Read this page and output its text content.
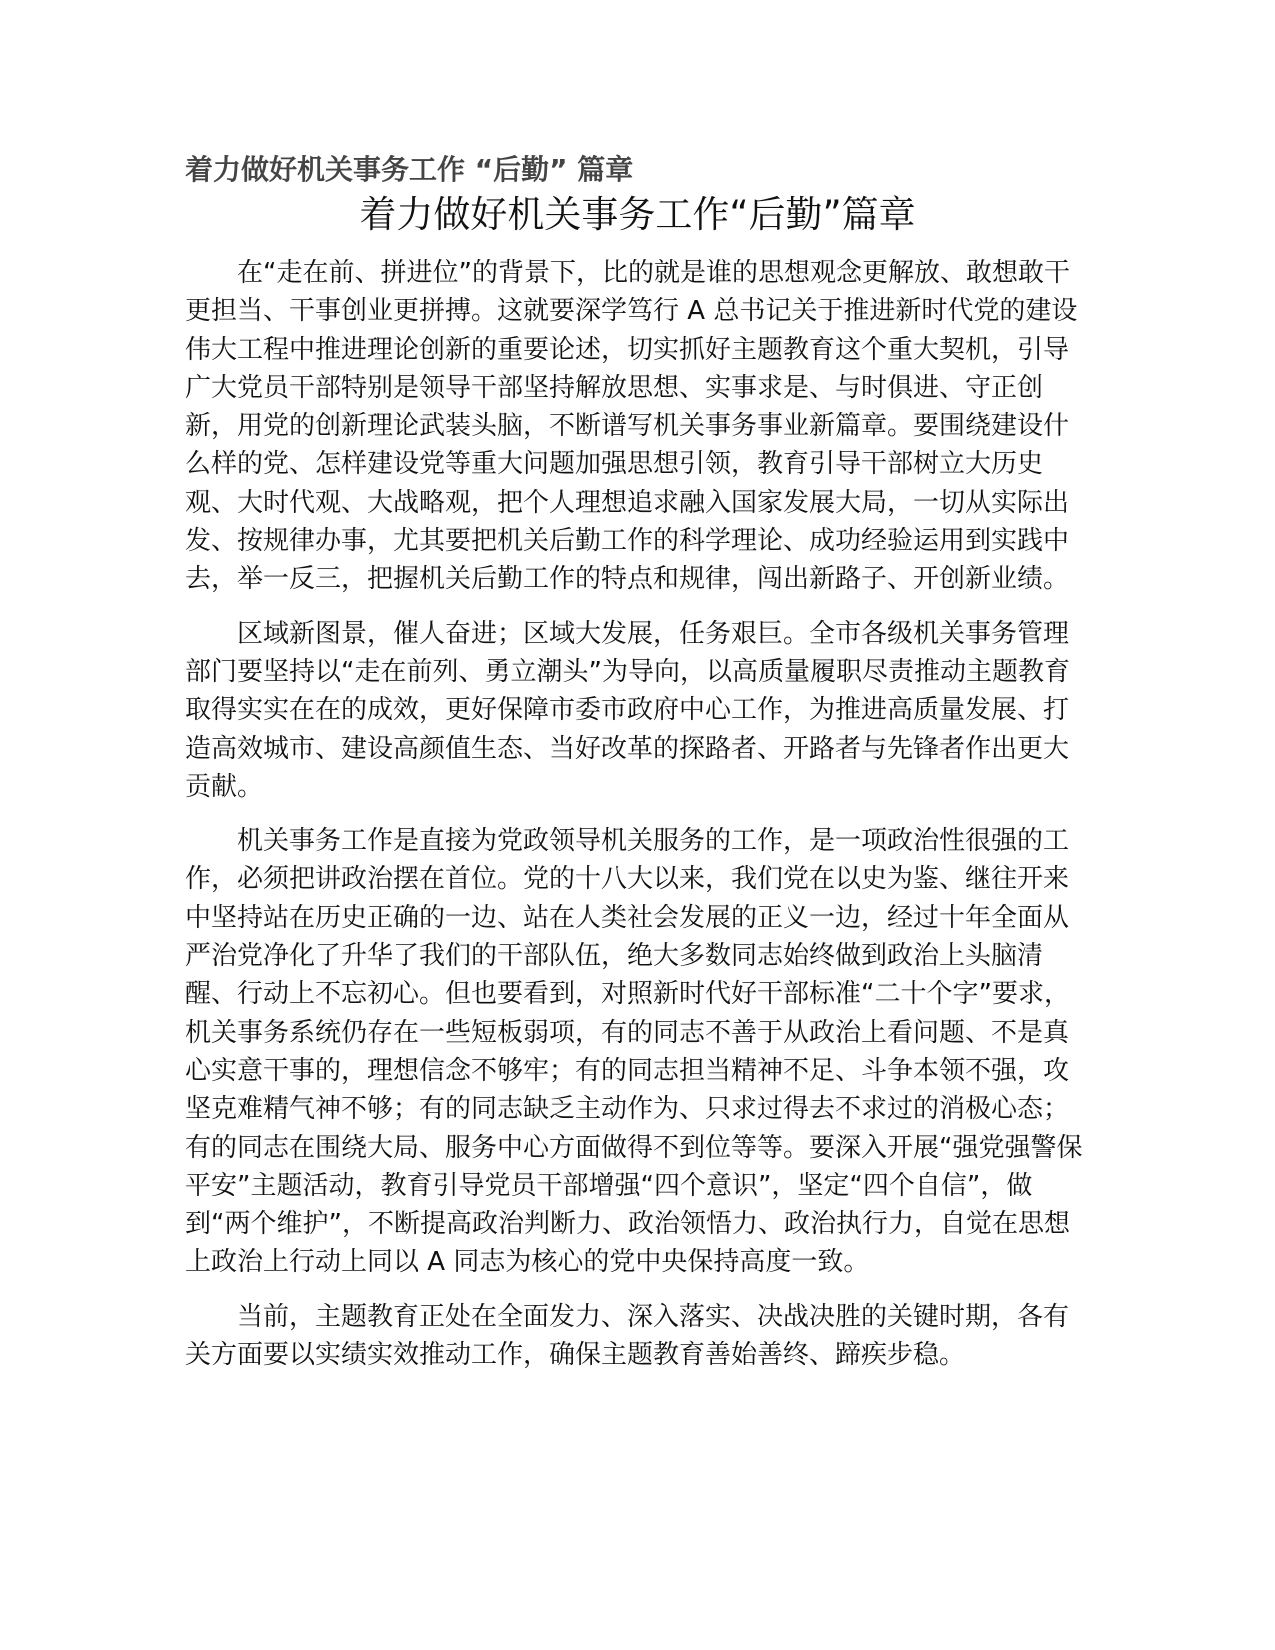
着力做好机关事务工作 “后勤” 篇章
着力做好机关事务工作“后勤”篇章

在“走在前、拼进位”的背景下，比的就是谁的思想观念更解放、敢想敢干更担当、干事创业更拼搏。这就要深学笃行 A 总书记关于推进新时代党的建设伟大工程中推进理论创新的重要论述，切实抓好主题教育这个重大契机，引导广大党员干部特别是领导干部坚持解放思想、实事求是、与时俱进、守正创新，用党的创新理论武装头脑，不断谱写机关事务事业新篇章。要围绕建设什么样的党、怎样建设党等重大问题加强思想引领，教育引导干部树立大历史观、大时代观、大战略观，把个人理想追求融入国家发展大局，一切从实际出发、按规律办事，尤其要把机关后勤工作的科学理论、成功经验运用到实践中去，举一反三，把握机关后勤工作的特点和规律，闯出新路子、开创新业绩。

区域新图景，催人奋进；区域大发展，任务艰巨。全市各级机关事务管理部门要坚持以“走在前列、勇立潮头”为导向，以高质量履职尽责推动主题教育取得实实在在的成效，更好保障市委市政府中心工作，为推进高质量发展、打造高效城市、建设高颜值生态、当好改革的探路者、开路者与先锋者作出更大贡献。

机关事务工作是直接为党政领导机关服务的工作，是一项政治性很强的工作，必须把讲政治摆在首位。党的十八大以来，我们党在以史为鉴、继往开来中坚持站在历史正确的一边、站在人类社会发展的正义一边，经过十年全面从严治党净化了升华了我们的干部队伍，绝大多数同志始终做到政治上头脑清醒、行动上不忘初心。但也要看到，对照新时代好干部标准“二十个字”要求，机关事务系统仍存在一些短板弱项，有的同志不善于从政治上看问题、不是真心实意干事的，理想信念不够牢；有的同志担当精神不足、斗争本领不强，攻坚克难精气神不够；有的同志缺乏主动作为、只求过得去不求过的消极心态；有的同志在围绕大局、服务中心方面做得不到位等等。要深入开展“强党强警保平安”主题活动，教育引导党员干部增强“四个意识”，坚定“四个自信”，做到“两个维护”，不断提高政治判断力、政治领悟力、政治执行力，自觉在思想上政治上行动上同以 A 同志为核心的党中央保持高度一致。

当前，主题教育正处在全面发力、深入落实、决战决胜的关键时期，各有关方面要以实绩实效推动工作，确保主题教育善始善终、蹄疾步稳。
